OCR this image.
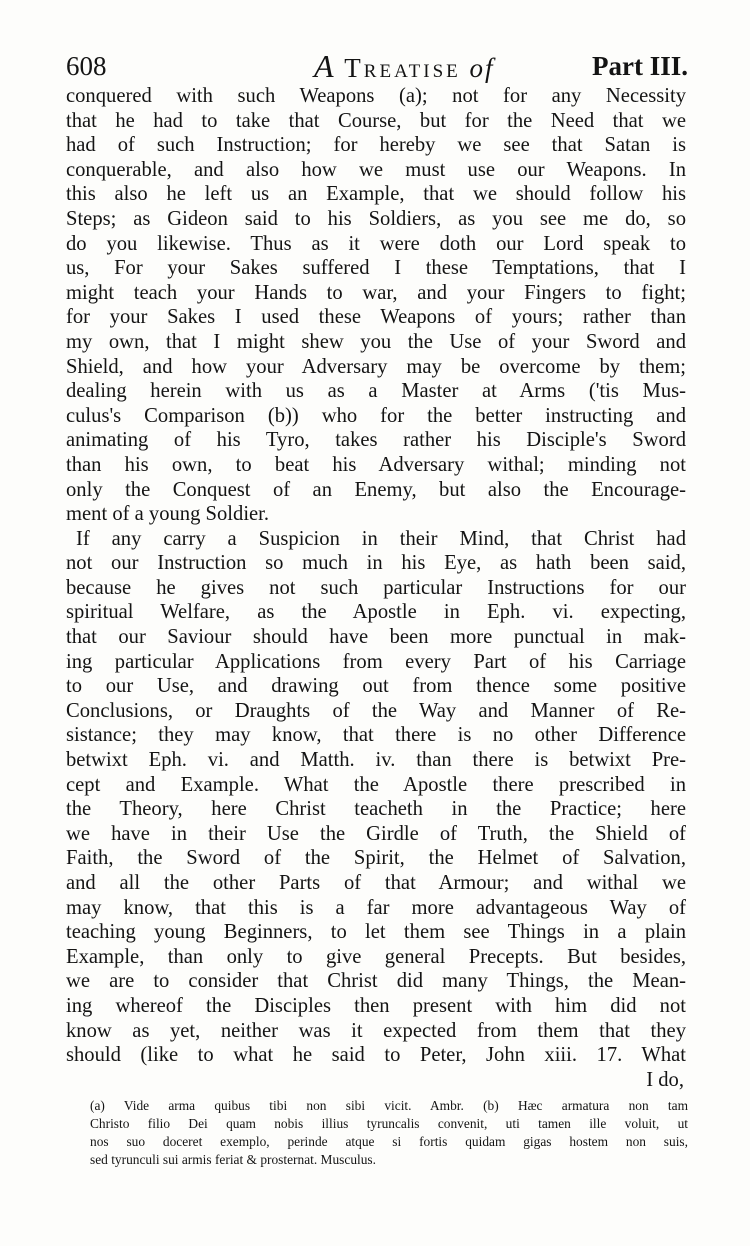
608	A Treatise of	Part III.
conquered with such Weapons (a); not for any Necessity
that he had to take that Course, but for the Need that we
had of such Instruction; for hereby we see that Satan is
conquerable, and also how we must use our Weapons. In
this also he left us an Example, that we should follow his
Steps; as Gideon said to his Soldiers, as you see me do, so
do you likewise. Thus as it were doth our Lord speak to
us, For your Sakes suffered I these Temptations, that I
might teach your Hands to war, and your Fingers to fight;
for your Sakes I used these Weapons of yours; rather than
my own, that I might shew you the Use of your Sword and
Shield, and how your Adversary may be overcome by them;
dealing herein with us as a Master at Arms ('tis Mus-
culus's Comparison (b)) who for the better instructing and
animating of his Tyro, takes rather his Disciple's Sword
than his own, to beat his Adversary withal; minding not
only the Conquest of an Enemy, but also the Encourage-
ment of a young Soldier.
If any carry a Suspicion in their Mind, that Christ had
not our Instruction so much in his Eye, as hath been said,
because he gives not such particular Instructions for our
spiritual Welfare, as the Apostle in Eph. vi. expecting,
that our Saviour should have been more punctual in mak-
ing particular Applications from every Part of his Carriage
to our Use, and drawing out from thence some positive
Conclusions, or Draughts of the Way and Manner of Re-
sistance; they may know, that there is no other Difference
betwixt Eph. vi. and Matth. iv. than there is betwixt Pre-
cept and Example. What the Apostle there prescribed in
the Theory, here Christ teacheth in the Practice; here
we have in their Use the Girdle of Truth, the Shield of
Faith, the Sword of the Spirit, the Helmet of Salvation,
and all the other Parts of that Armour; and withal we
may know, that this is a far more advantageous Way of
teaching young Beginners, to let them see Things in a plain
Example, than only to give general Precepts. But besides,
we are to consider that Christ did many Things, the Mean-
ing whereof the Disciples then present with him did not
know as yet, neither was it expected from them that they
should (like to what he said to Peter, John xiii. 17. What
I do,
(a) Vide arma quibus tibi non sibi vicit. Ambr. (b) Hæc armatura non tam
Christo filio Dei quam nobis illius tyruncalis convenit, uti tamen ille voluit, ut
nos suo doceret exemplo, perinde atque si fortis quidam gigas hostem non suis,
sed tyrunculi sui armis feriat & prosternat. Musculus.
